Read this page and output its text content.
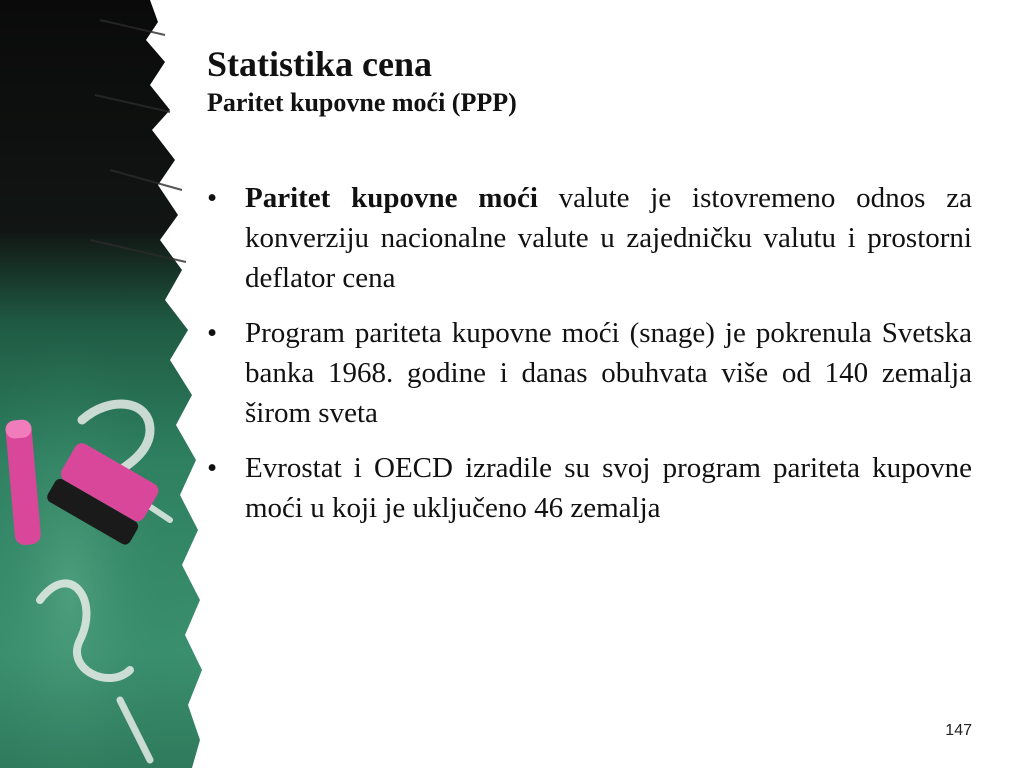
Statistika cena
Paritet kupovne moći (PPP)
• Paritet kupovne moći valute je istovremeno odnos za konverziju nacionalne valute u zajedničku valutu i prostorni deflator cena
• Program pariteta kupovne moći (snage) je pokrenula Svetska banka 1968. godine i danas obuhvata više od 140 zemalja širom sveta
• Evrostat i OECD izradile su svoj program pariteta kupovne moći u koji je uključeno 46 zemalja
147
